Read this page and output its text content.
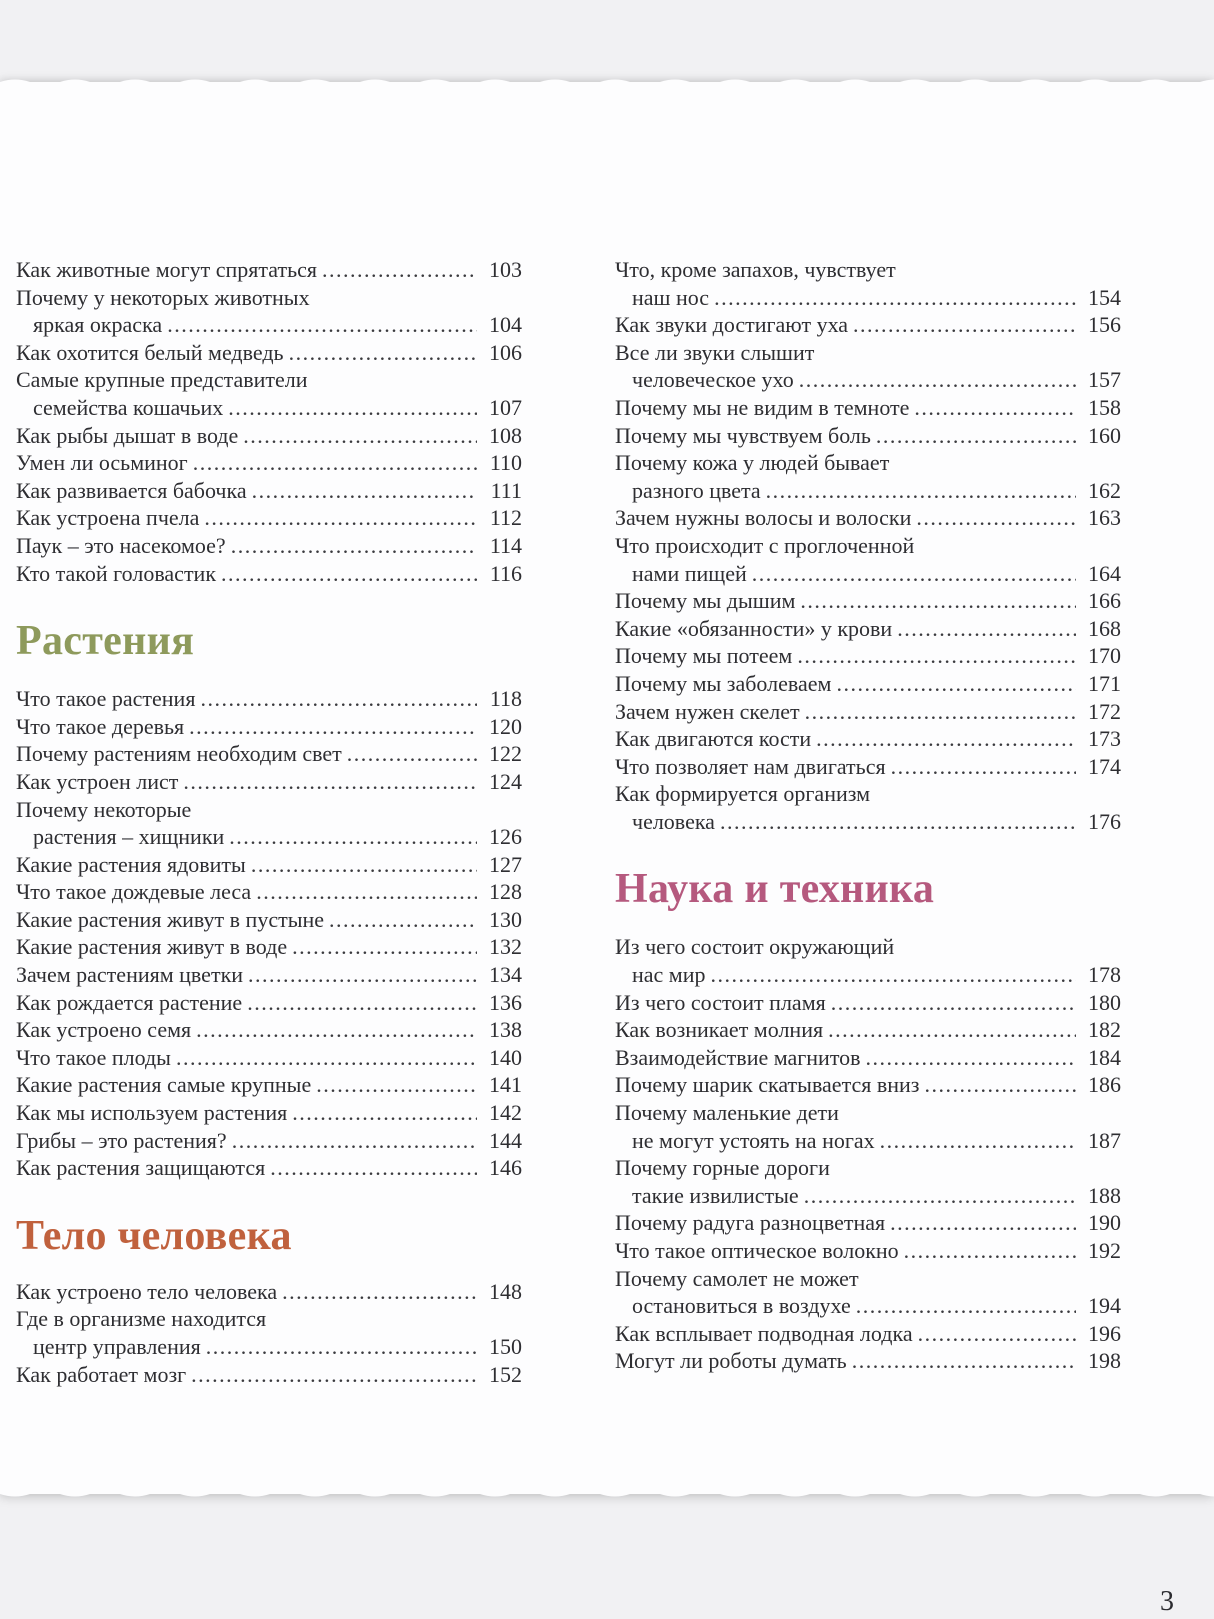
Как животные могут спрятаться .....	103
Почему у некоторых животных
яркая окраска .....	104
Как охотится белый медведь .....	106
Самые крупные представители
семейства кошачьих .....	107
Как рыбы дышат в воде .....	108
Умен ли осьминог .....	110
Как развивается бабочка .....	111
Как устроена пчела .....	112
Паук – это насекомое? .....	114
Кто такой головастик .....	116
Растения
Что такое растения .....	118
Что такое деревья .....	120
Почему растениям необходим свет .....	122
Как устроен лист .....	124
Почему некоторые
растения – хищники .....	126
Какие растения ядовиты .....	127
Что такое дождевые леса .....	128
Какие растения живут в пустыне .....	130
Какие растения живут в воде .....	132
Зачем растениям цветки .....	134
Как рождается растение .....	136
Как устроено семя .....	138
Что такое плоды .....	140
Какие растения самые крупные .....	141
Как мы используем растения .....	142
Грибы – это растения? .....	144
Как растения защищаются .....	146
Тело человека
Как устроено тело человека .....	148
Где в организме находится
центр управления .....	150
Как работает мозг .....	152
Что, кроме запахов, чувствует
наш нос .....	154
Как звуки достигают уха .....	156
Все ли звуки слышит
человеческое ухо .....	157
Почему мы не видим в темноте .....	158
Почему мы чувствуем боль .....	160
Почему кожа у людей бывает
разного цвета .....	162
Зачем нужны волосы и волоски .....	163
Что происходит с проглоченной
нами пищей .....	164
Почему мы дышим .....	166
Какие «обязанности» у крови .....	168
Почему мы потеем .....	170
Почему мы заболеваем .....	171
Зачем нужен скелет .....	172
Как двигаются кости .....	173
Что позволяет нам двигаться .....	174
Как формируется организм
человека .....	176
Наука и техника
Из чего состоит окружающий
нас мир .....	178
Из чего состоит пламя .....	180
Как возникает молния .....	182
Взаимодействие магнитов .....	184
Почему шарик скатывается вниз .....	186
Почему маленькие дети
не могут устоять на ногах .....	187
Почему горные дороги
такие извилистые .....	188
Почему радуга разноцветная .....	190
Что такое оптическое волокно .....	192
Почему самолет не может
остановиться в воздухе .....	194
Как всплывает подводная лодка .....	196
Могут ли роботы думать .....	198
3
